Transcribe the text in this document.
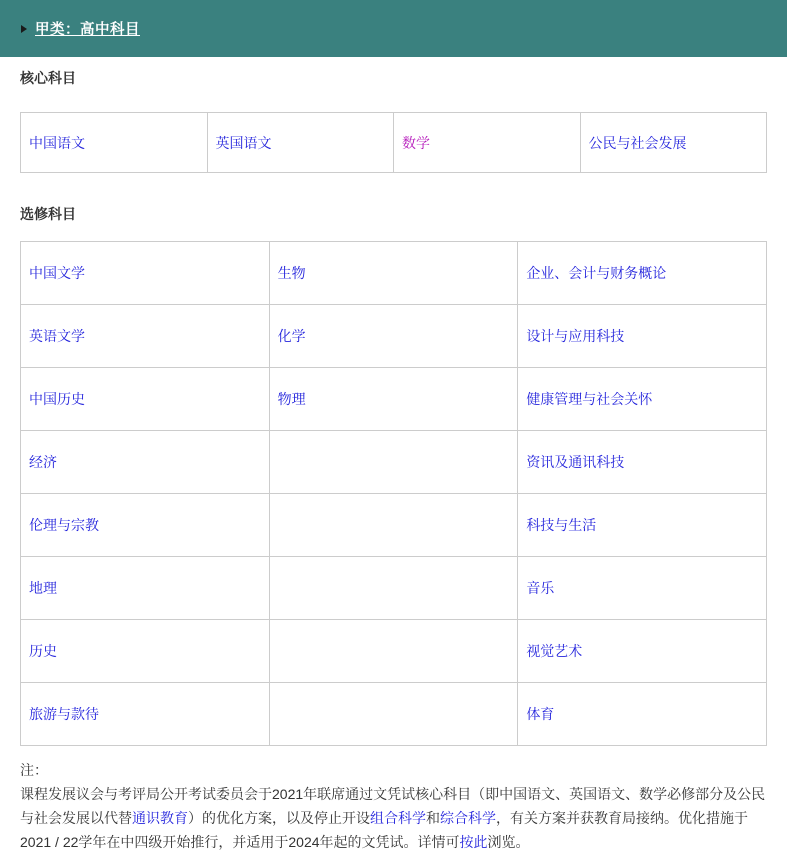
甲类：高中科目
核心科目
中国语文	英国语文	数学	公民与社会发展
选修科目
中国文学	生物	企业、会计与财务概论
英语文学	化学	设计与应用科技
中国历史	物理	健康管理与社会关怀
经济		资讯及通讯科技
伦理与宗教		科技与生活
地理		音乐
历史		视觉艺术
旅游与款待		体育

注：

课程发展议会与考评局公开考试委员会于2021年联席通过文凭试核心科目（即中国语文、英国语文、数学必修部分及公民与社会发展以代替通识教育）的优化方案，以及停止开设组合科学和综合科学，有关方案并获教育局接纳。优化措施于2021 / 22学年在中四级开始推行，并适用于2024年起的文凭试。详情可按此浏览。
